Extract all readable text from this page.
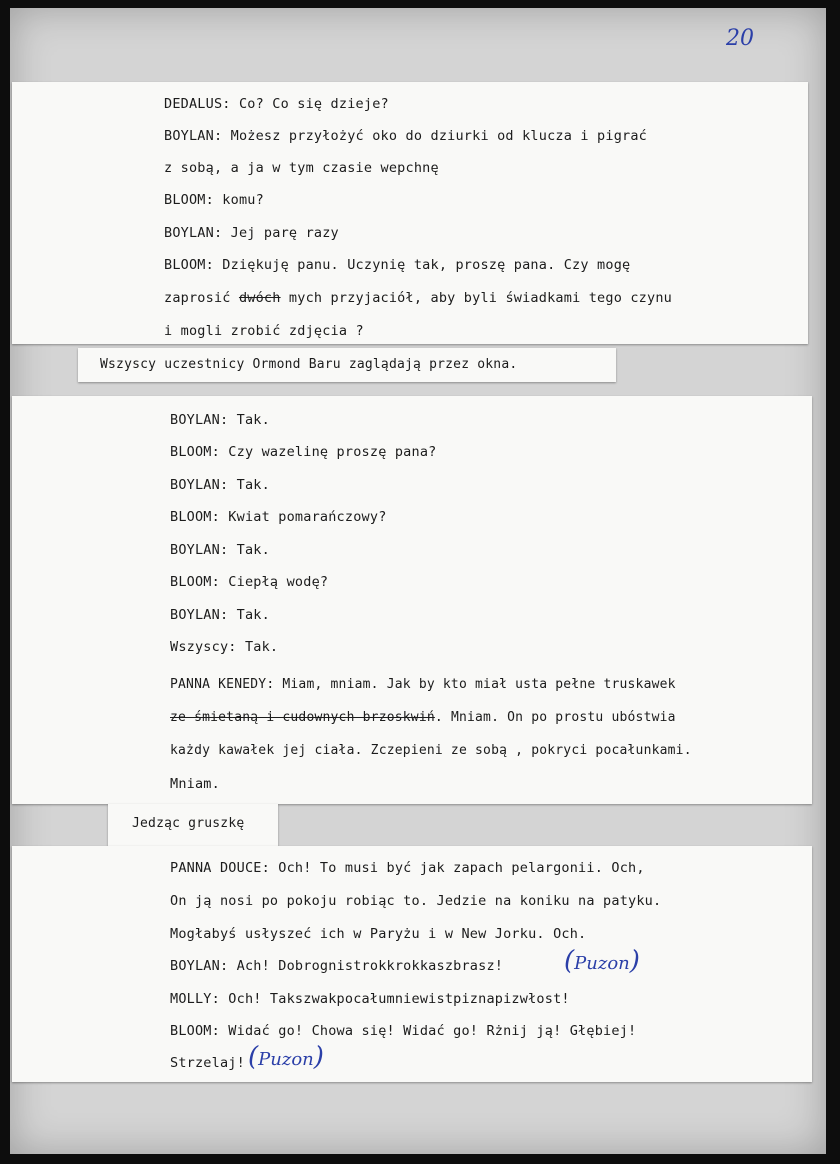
20
DEDALUS: Co? Co się dzieje?
BOYLAN: Możesz przyłożyć oko do dziurki od klucza i pigrać
z sobą, a ja w tym czasie wepchnę
BLOOM: komu?
BOYLAN: Jej parę razy
BLOOM: Dziękuję panu. Uczynię tak, proszę pana. Czy mogę
zaprosić dwóch mych przyjaciół, aby byli świadkami tego czynu
i mogli zrobić zdjęcia ?
Wszyscy uczestnicy Ormond Baru zaglądają przez okna.
BOYLAN: Tak.
BLOOM: Czy wazelinę proszę pana?
BOYLAN: Tak.
BLOOM: Kwiat pomarańczowy?
BOYLAN: Tak.
BLOOM: Ciepłą wodę?
BOYLAN: Tak.
Wszyscy: Tak.
PANNA KENEDY: Miam, mniam. Jak by kto miał usta pełne truskawek
ze śmietaną i cudownych brzoskwiń. Mniam. On po prostu ubóstwia
każdy kawałek jej ciała. Zczepieni ze sobą , pokryci pocałunkami.
Mniam.
Jedząc gruszkę
PANNA DOUCE: Och! To musi być jak zapach pelargonii. Och,
On ją nosi po pokoju robiąc to. Jedzie na koniku na patyku.
Mogłabyś usłyszeć ich w Paryżu i w New Jorku. Och.
BOYLAN: Ach! Dobrognistrokkrokkaszbrasz!
MOLLY: Och! Takszwakpocałumniewistpiznapizwłost!
BLOOM: Widać go! Chowa się! Widać go! Rżnij ją! Głębiej!
Strzelaj!
(Puzon)
(Puzon)
